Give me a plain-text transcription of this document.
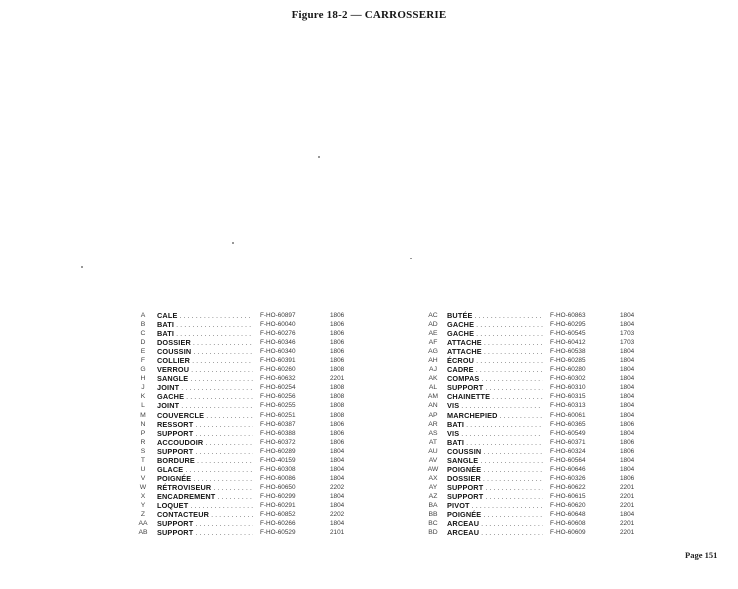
Figure 18-2 — CARROSSERIE
A	CALE . . .	F-HO-60897	1806
B	BATI . . .	F-HO-60040	1806
C	BATI . . .	F-HO-60276	1806
D	DOSSIER . . .	F-HO-60346	1806
E	COUSSIN . . .	F-HO-60340	1806
F	COLLIER . . .	F-HO-60391	1806
G	VERROU . . .	F-HO-60260	1808
H	SANGLE . . .	F-HO-60632	2201
J	JOINT . . .	F-HO-60254	1808
K	GACHE . . .	F-HO-60256	1808
L	JOINT . . .	F-HO-60255	1808
M	COUVERCLE . . .	F-HO-60251	1808
N	RESSORT . . .	F-HO-60387	1806
P	SUPPORT . . .	F-HO-60388	1806
R	ACCOUDOIR . . .	F-HO-60372	1806
S	SUPPORT . . .	F-HO-60289	1804
T	BORDURE . . .	F-HO-40159	1804
U	GLACE . . .	F-HO-60308	1804
V	POIGNÉE . . .	F-HO-60086	1804
W	RÉTROVISEUR . . .	F-HO-60650	2202
X	ENCADREMENT . . .	F-HO-60299	1804
Y	LOQUET . . .	F-HO-60291	1804
Z	CONTACTEUR . . .	F-HO-60852	2202
AA	SUPPORT . . .	F-HO-60266	1804
AB	SUPPORT . . .	F-HO-60529	2101
AC	BUTÉE . . .	F-HO-60863	1804
AD	GACHE . . .	F-HO-60295	1804
AE	GACHE . . .	F-HO-60545	1703
AF	ATTACHE . . .	F-HO-60412	1703
AG	ATTACHE . . .	F-HO-60538	1804
AH	ÉCROU . . .	F-HO-60285	1804
AJ	CADRE . . .	F-HO-60280	1804
AK	COMPAS . . .	F-HO-60302	1804
AL	SUPPORT . . .	F-HO-60310	1804
AM	CHAINETTE . . .	F-HO-60315	1804
AN	VIS . . .	F-HO-60313	1804
AP	MARCHEPIED . . .	F-HO-60061	1804
AR	BATI . . .	F-HO-60365	1806
AS	VIS . . .	F-HO-60549	1804
AT	BATI . . .	F-HO-60371	1806
AU	COUSSIN . . .	F-HO-60324	1806
AV	SANGLE . . .	F-HO-60564	1804
AW	POIGNÉE . . .	F-HO-60646	1804
AX	DOSSIER . . .	F-HO-60326	1806
AY	SUPPORT . . .	F-HO-60622	2201
AZ	SUPPORT . . .	F-HO-60615	2201
BA	PIVOT . . .	F-HO-60620	2201
BB	POIGNÉE . . .	F-HO-60648	1804
BC	ARCEAU . . .	F-HO-60608	2201
BD	ARCEAU . . .	F-HO-60609	2201
Page 151
